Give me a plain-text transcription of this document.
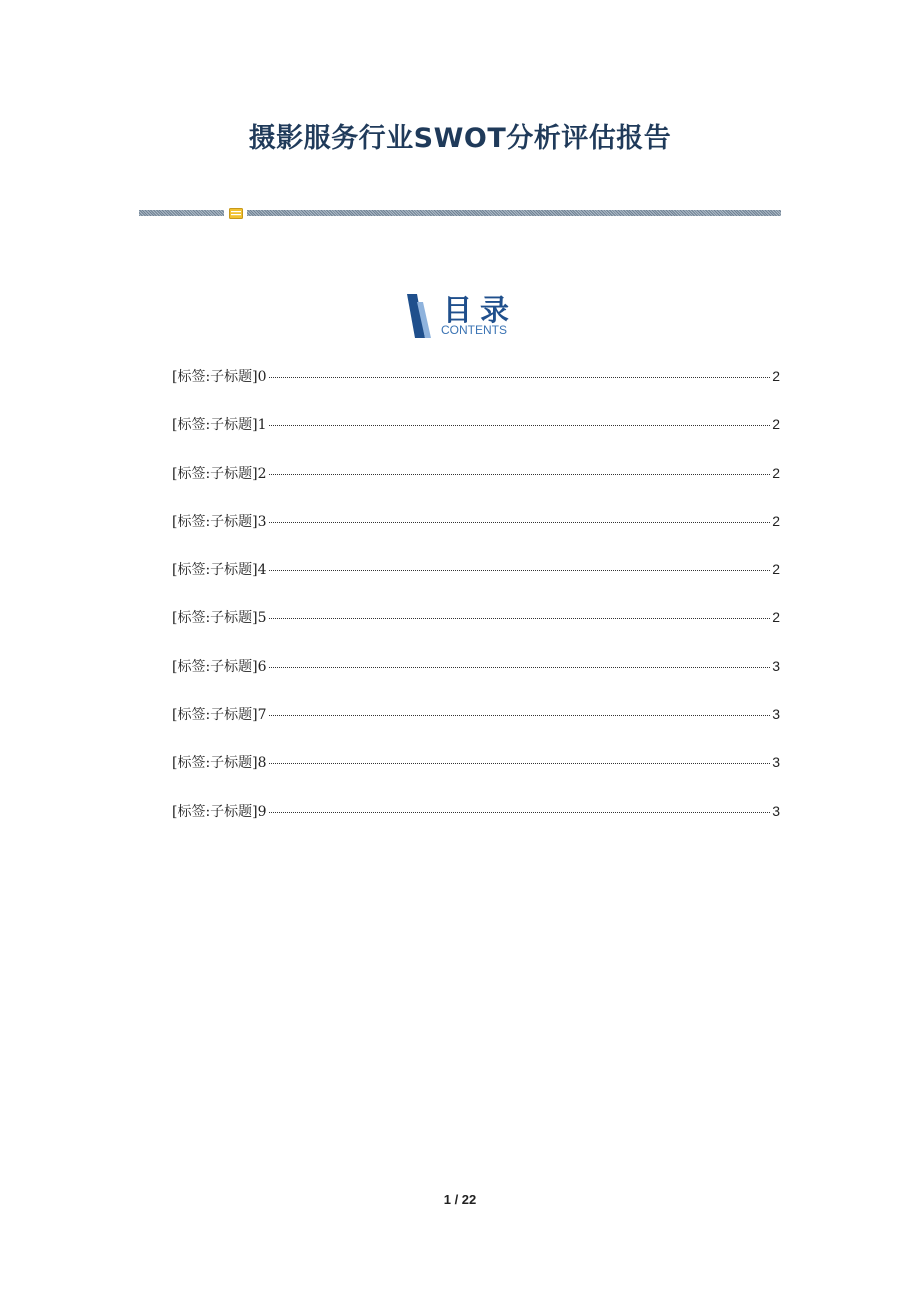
摄影服务行业SWOT分析评估报告
目录
CONTENTS
[标签:子标题]0	2
[标签:子标题]1	2
[标签:子标题]2	2
[标签:子标题]3	2
[标签:子标题]4	2
[标签:子标题]5	2
[标签:子标题]6	3
[标签:子标题]7	3
[标签:子标题]8	3
[标签:子标题]9	3
1 / 22
